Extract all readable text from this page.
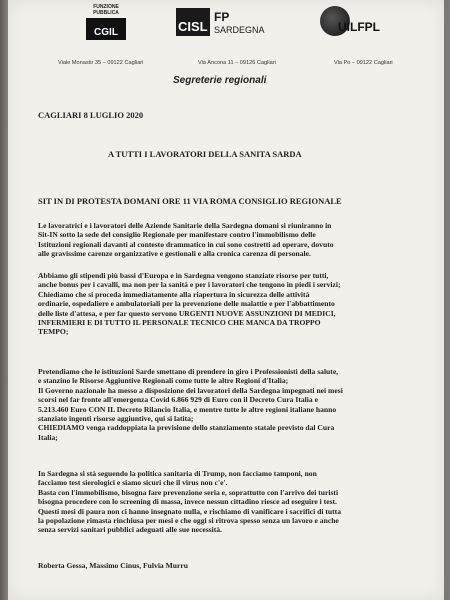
FUNZIONE PUBBLICA
CGIL	CISL
FP
SARDEGNA	UILFPL
Viale Monastir 35 – 09122 Cagliari	Via Ancona 11 – 09126 Cagliari	Via Po – 09122 Cagliari
Segreterie regionali
CAGLIARI 8 LUGLIO 2020
A TUTTI I LAVORATORI DELLA SANITA SARDA
SIT IN DI PROTESTA DOMANI ORE 11 VIA ROMA CONSIGLIO REGIONALE
Le lavoratrici e i lavoratori delle Aziende Sanitarie della Sardegna domani si riuniranno in
Sit-IN sotto la sede del consiglio Regionale per manifestare contro l'immobilismo delle
Istituzioni regionali davanti al contesto drammatico in cui sono costretti ad operare, dovuto
alle gravissime carenze organizzative e gestionali e alla cronica carenza di personale.
Abbiamo gli stipendi più bassi d'Europa e in Sardegna vengono stanziate risorse per tutti,
anche bonus per i cavalli, ma non per la sanità e per i lavoratori che tengono in piedi i servizi;
Chiediamo che si proceda immediatamente alla riapertura in sicurezza delle attività
ordinarie, ospedaliere e ambulatoriali per la prevenzione delle malattie e per l'abbattimento
delle liste d'attesa, e per far questo servono URGENTI NUOVE ASSUNZIONI DI MEDICI,
INFERMIERI E DI TUTTO IL PERSONALE TECNICO CHE MANCA DA TROPPO
TEMPO;
Pretendiamo che le istituzioni Sarde smettano di prendere in giro i Professionisti della salute,
e stanzino le Risorse Aggiuntive Regionali come tutte le altre Regioni d'Italia;
Il Governo nazionale ha messo a disposizione dei lavoratori della Sardegna impegnati nei mesi
scorsi nel far fronte all'emergenza Covid 6.866 929 di Euro con il Decreto Cura Italia e
5.213.460 Euro CON IL Decreto Rilancio Italia, e mentre tutte le altre regioni italiane hanno
stanziato ingenti risorse aggiuntive, qui si latita;
CHIEDIAMO venga raddoppiata la previsione dello stanziamento statale previsto dal Cura
Italia;
In Sardegna si stà seguendo la politica sanitaria di Trump, non facciamo tamponi, non
facciamo test sierologici e siamo sicuri che il virus non c'e'.
Basta con l'immobilismo, bisogna fare prevenzione seria e, soprattutto con l'arrivo dei turisti
bisogna procedere con lo screening di massa, invece nessun cittadino riesce ad eseguire i test.
Questi mesi di paura non ci hanno insegnato nulla, e rischiamo di vanificare i sacrifici di tutta
la popolazione rimasta rinchiusa per mesi e che oggi si ritrova spesso senza un lavoro e anche
senza servizi sanitari pubblici adeguati alle sue necessità.
Roberta Gessa, Massimo Cinus, Fulvia Murru
